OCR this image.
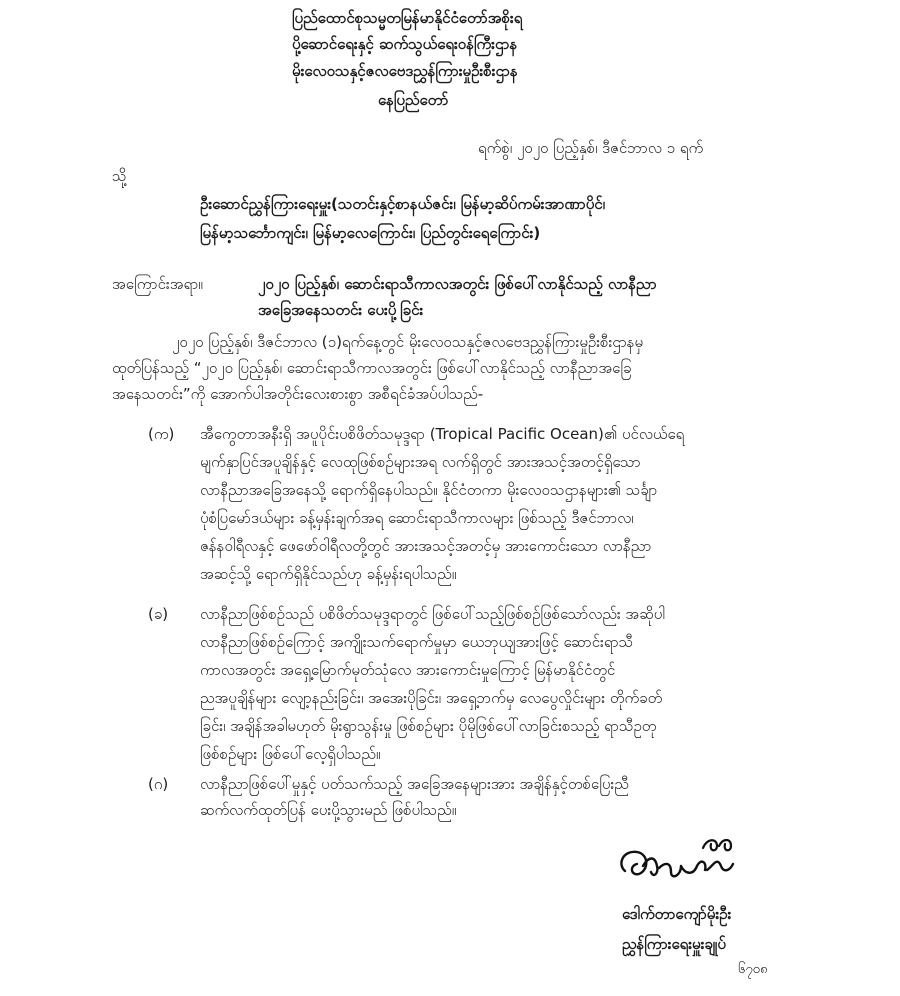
ပြည်ထောင်စုသမ္မတမြန်မာနိုင်ငံတော်အစိုးရ
ပို့ဆောင်ရေးနှင့် ဆက်သွယ်ရေးဝန်ကြီးဌာန
မိုးလေဝသနှင့်ဇလဗေဒညွှန်ကြားမှုဦးစီးဌာန
နေပြည်တော်
ရက်စွဲ၊ ၂၀၂၀ ပြည့်နှစ်၊ ဒီဇင်ဘာလ ၁ ရက်
သို့
ဦးဆောင်ညွှန်ကြားရေးမှူး(သတင်းနှင့်စာနယ်ဇင်း၊ မြန်မာ့ဆိပ်ကမ်းအာဏာပိုင်၊
မြန်မာ့သင်္ဘောကျင်း၊ မြန်မာ့လေကြောင်း၊ ပြည်တွင်းရေကြောင်း)
အကြောင်းအရာ။	၂၀၂၀ ပြည့်နှစ်၊ ဆောင်းရာသီကာလအတွင်း ဖြစ်ပေါ်လာနိုင်သည့် လာနီညာ
အခြေအနေသတင်း ပေးပို့ခြင်း
၂၀၂၀ ပြည့်နှစ်၊ ဒီဇင်ဘာလ (၁)ရက်နေ့တွင် မိုးလေဝသနှင့်ဇလဗေဒညွှန်ကြားမှုဦးစီးဌာနမှ
ထုတ်ပြန်သည့် “၂၀၂၀ ပြည့်နှစ်၊ ဆောင်းရာသီကာလအတွင်း ဖြစ်ပေါ်လာနိုင်သည့် လာနီညာအခြေ
အနေသတင်း”ကို အောက်ပါအတိုင်းလေးစားစွာ အစီရင်ခံအပ်ပါသည်-
(က) အီကွေတာအနီးရှိ အပူပိုင်းပစိဖိတ်သမုဒ္ဒရာ (Tropical Pacific Ocean)၏ ပင်လယ်ရေ
မျက်နှာပြင်အပူချိန်နှင့် လေထုဖြစ်စဉ်များအရ လက်ရှိတွင် အားအသင့်အတင့်ရှိသော
လာနီညာအခြေအနေသို့ ရောက်ရှိနေပါသည်။ နိုင်ငံတကာ မိုးလေဝသဌာနများ၏ သင်္ချာ
ပုံစံပြမော်ဒယ်များ ခန့်မှန်းချက်အရ ဆောင်းရာသီကာလများ ဖြစ်သည့် ဒီဇင်ဘာလ၊
ဇန်နဝါရီလနှင့် ဖေဖော်ဝါရီလတို့တွင် အားအသင့်အတင့်မှ အားကောင်းသော လာနီညာ
အဆင့်သို့ ရောက်ရှိနိုင်သည်ဟု ခန့်မှန်းရပါသည်။
(ခ) လာနီညာဖြစ်စဉ်သည် ပစိဖိတ်သမုဒ္ဒရာတွင် ဖြစ်ပေါ်သည့်ဖြစ်စဉ်ဖြစ်သော်လည်း အဆိုပါ
လာနီညာဖြစ်စဉ်ကြောင့် အကျိုးသက်ရောက်မှုမှာ ယေဘုယျအားဖြင့် ဆောင်းရာသီ
ကာလအတွင်း အရှေ့မြောက်မုတ်သုံလေ အားကောင်းမှုကြောင့် မြန်မာနိုင်ငံတွင်
ညအပူချိန်များ လျော့နည်းခြင်း၊ အအေးပိုခြင်း၊ အရှေ့ဘက်မှ လေပွေလှိုင်းများ တိုက်ခတ်
ခြင်း၊ အချိန်အခါမဟုတ် မိုးရွာသွန်းမှု ဖြစ်စဉ်များ ပိုမိုဖြစ်ပေါ်လာခြင်းစသည့် ရာသီဥတု
ဖြစ်စဉ်များ ဖြစ်ပေါ်လေ့ရှိပါသည်။
(ဂ) လာနီညာဖြစ်ပေါ်မှုနှင့် ပတ်သက်သည့် အခြေအနေများအား အချိန်နှင့်တစ်ပြေးညီ
ဆက်လက်ထုတ်ပြန် ပေးပို့သွားမည် ဖြစ်ပါသည်။
ဒေါက်တာကျော်မိုးဦး
ညွှန်ကြားရေးမှူးချုပ်
၆၇၀၈
